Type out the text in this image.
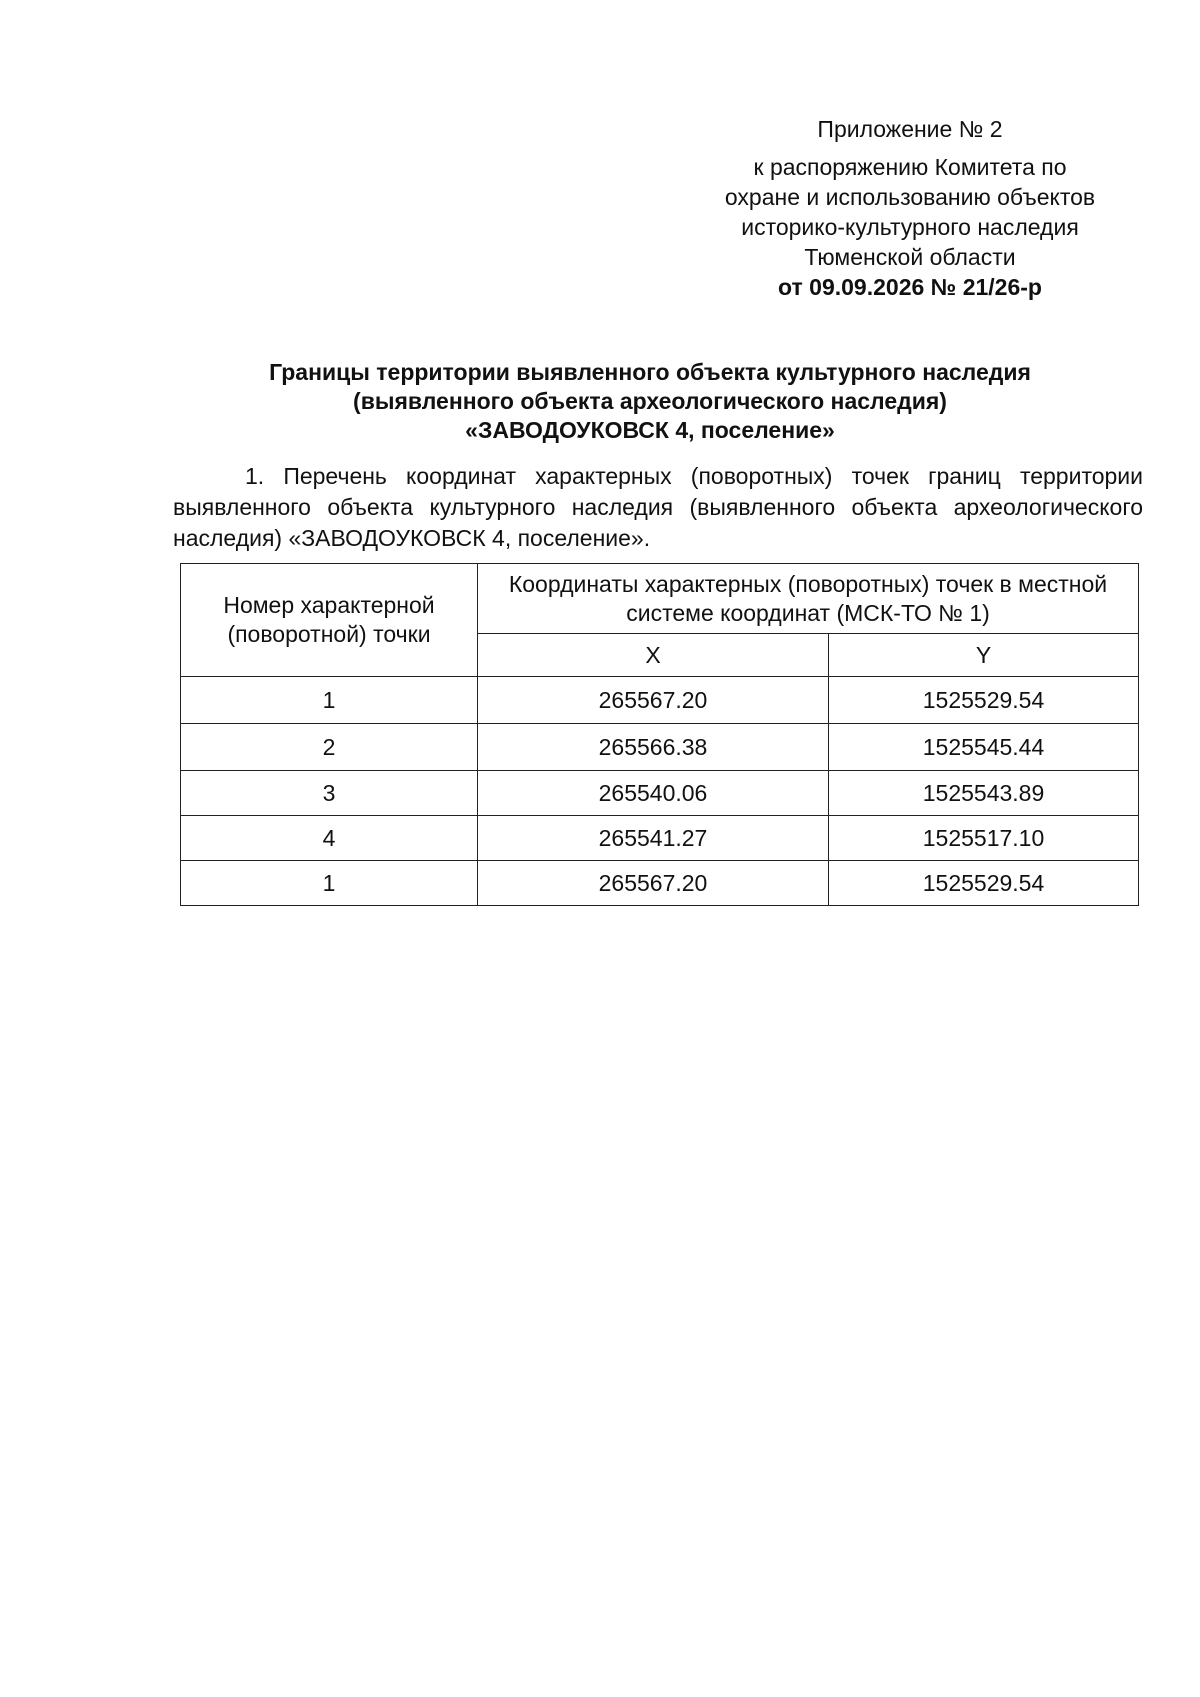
Приложение № 2
к распоряжению Комитета по
охране и использованию объектов
историко-культурного наследия
Тюменской области
от 09.09.2026 № 21/26-р
Границы территории выявленного объекта культурного наследия
(выявленного объекта археологического наследия)
«ЗАВОДОУКОВСК 4, поселение»
1. Перечень координат характерных (поворотных) точек границ территории выявленного объекта культурного наследия (выявленного объекта археологического наследия) «ЗАВОДОУКОВСК 4, поселение».
Номер характерной (поворотной) точки	Координаты характерных (поворотных) точек в местной системе координат (МСК-ТО № 1)	
	X	Y
1	265567.20	1525529.54
2	265566.38	1525545.44
3	265540.06	1525543.89
4	265541.27	1525517.10
1	265567.20	1525529.54
